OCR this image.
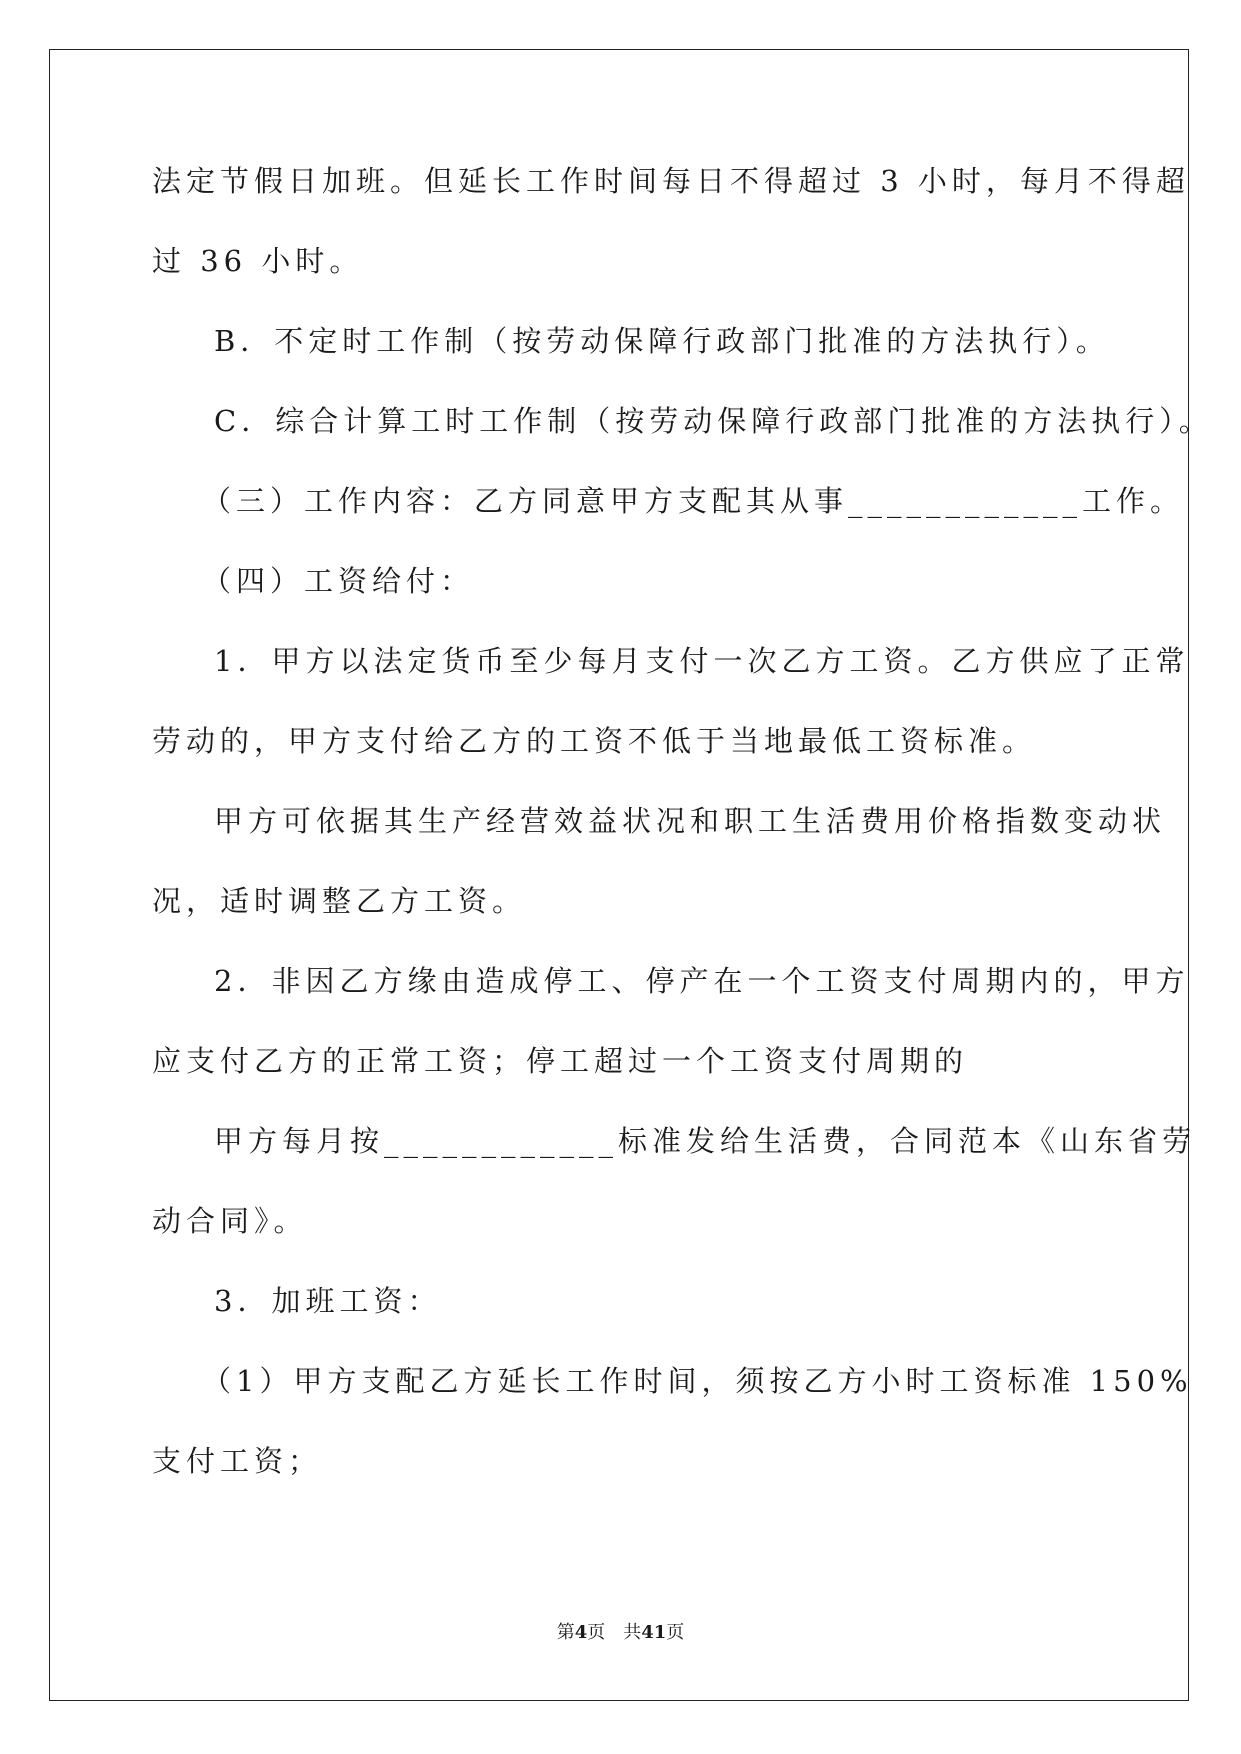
法定节假日加班。但延长工作时间每日不得超过 3 小时，每月不得超
过 36 小时。
B．不定时工作制（按劳动保障行政部门批准的方法执行）。
C．综合计算工时工作制（按劳动保障行政部门批准的方法执行）。
（三）工作内容：乙方同意甲方支配其从事____________工作。
（四）工资给付：
1．甲方以法定货币至少每月支付一次乙方工资。乙方供应了正常
劳动的，甲方支付给乙方的工资不低于当地最低工资标准。
甲方可依据其生产经营效益状况和职工生活费用价格指数变动状
况，适时调整乙方工资。
2．非因乙方缘由造成停工、停产在一个工资支付周期内的，甲方
应支付乙方的正常工资；停工超过一个工资支付周期的
甲方每月按____________标准发给生活费，合同范本《山东省劳
动合同》。
3．加班工资：
（1）甲方支配乙方延长工作时间，须按乙方小时工资标准 150%
支付工资；
第4页　共41页
